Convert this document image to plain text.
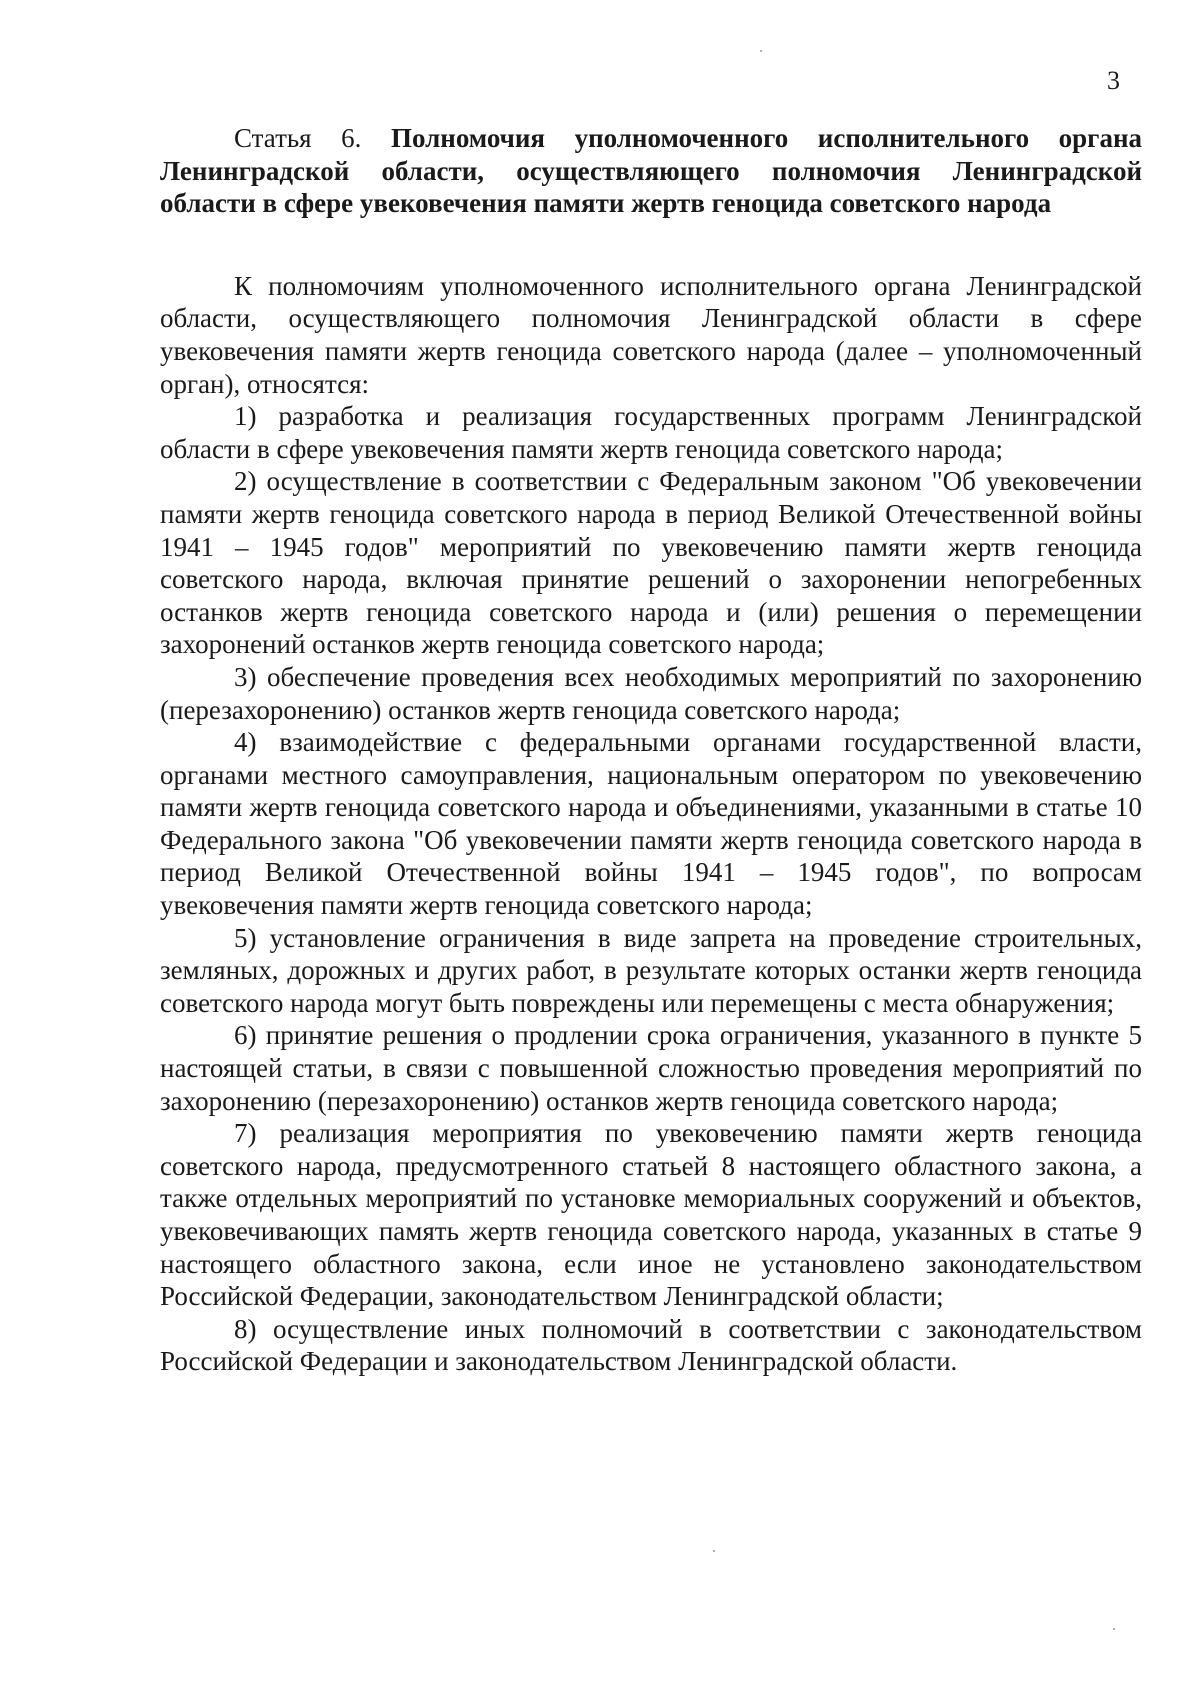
3

Статья 6. Полномочия уполномоченного исполнительного органа Ленинградской области, осуществляющего полномочия Ленинградской области в сфере увековечения памяти жертв геноцида советского народа

К полномочиям уполномоченного исполнительного органа Ленинградской области, осуществляющего полномочия Ленинградской области в сфере увековечения памяти жертв геноцида советского народа (далее – уполномоченный орган), относятся:

1) разработка и реализация государственных программ Ленинградской области в сфере увековечения памяти жертв геноцида советского народа;

2) осуществление в соответствии с Федеральным законом "Об увековечении памяти жертв геноцида советского народа в период Великой Отечественной войны 1941 – 1945 годов" мероприятий по увековечению памяти жертв геноцида советского народа, включая принятие решений о захоронении непогребенных останков жертв геноцида советского народа и (или) решения о перемещении захоронений останков жертв геноцида советского народа;

3) обеспечение проведения всех необходимых мероприятий по захоронению (перезахоронению) останков жертв геноцида советского народа;

4) взаимодействие с федеральными органами государственной власти, органами местного самоуправления, национальным оператором по увековечению памяти жертв геноцида советского народа и объединениями, указанными в статье 10 Федерального закона "Об увековечении памяти жертв геноцида советского народа в период Великой Отечественной войны 1941 – 1945 годов", по вопросам увековечения памяти жертв геноцида советского народа;

5) установление ограничения в виде запрета на проведение строительных, земляных, дорожных и других работ, в результате которых останки жертв геноцида советского народа могут быть повреждены или перемещены с места обнаружения;

6) принятие решения о продлении срока ограничения, указанного в пункте 5 настоящей статьи, в связи с повышенной сложностью проведения мероприятий по захоронению (перезахоронению) останков жертв геноцида советского народа;

7) реализация мероприятия по увековечению памяти жертв геноцида советского народа, предусмотренного статьей 8 настоящего областного закона, а также отдельных мероприятий по установке мемориальных сооружений и объектов, увековечивающих память жертв геноцида советского народа, указанных в статье 9 настоящего областного закона, если иное не установлено законодательством Российской Федерации, законодательством Ленинградской области;

8) осуществление иных полномочий в соответствии с законодательством Российской Федерации и законодательством Ленинградской области.
